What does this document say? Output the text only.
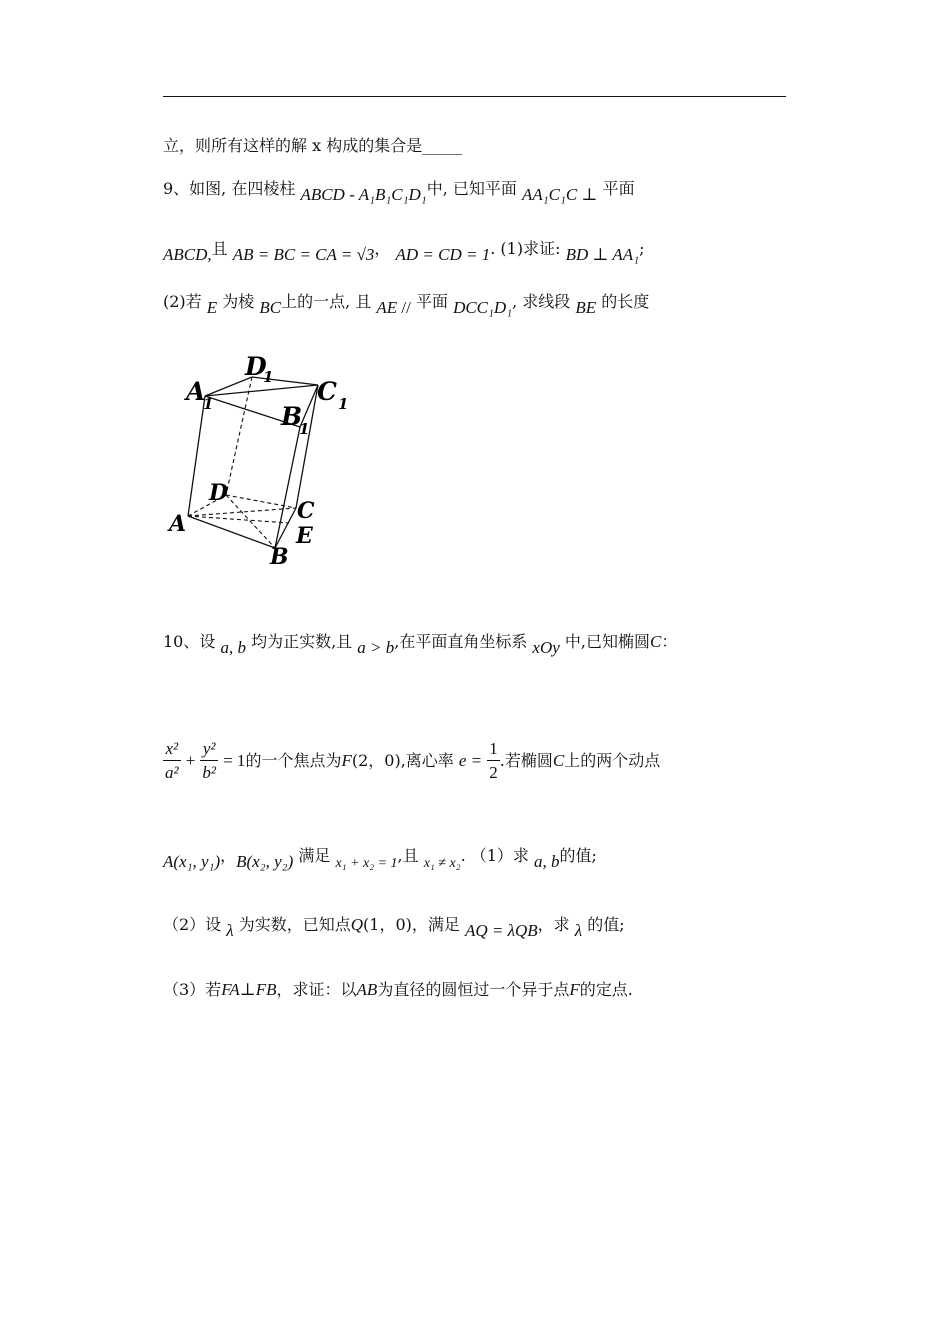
立，则所有这样的解 x 构成的集合是_____
9、如图, 在四棱柱 ABCD - A₁B₁C₁D₁中, 已知平面 AA₁C₁C ⊥ 平面
ABCD,且 AB = BC = CA = √3， AD = CD = 1. (1)求证: BD ⊥ AA₁;
(2)若 E 为棱 BC上的一点, 且 AE // 平面 DCC₁D₁, 求线段 BE 的长度
D
1
A
1	C 1
B
1
D
A	C
E
B
10、设 a, b 均为正实数,且 a > b,在平面直角坐标系 xOy 中,已知椭圆C：
$\frac{\text{x²}}{\text{a²}} + \frac{\text{y²}}{\text{b²}} = 1$的一个焦点为F(2，0),离心率 $e = \frac{1}{2}$ .若椭圆C上的两个动点
A(x₁, y₁)，B(x₂, y₂) 满足 x₁ + x₂ = 1,且 x₁ ≠ x₂. （1）求 a, b的值;
（2）设 λ 为实数，已知点Q(1，0)，满足 AQ = λQB，求 λ 的值;
（3）若FA⊥FB，求证：以AB为直径的圆恒过一个异于点F的定点.
